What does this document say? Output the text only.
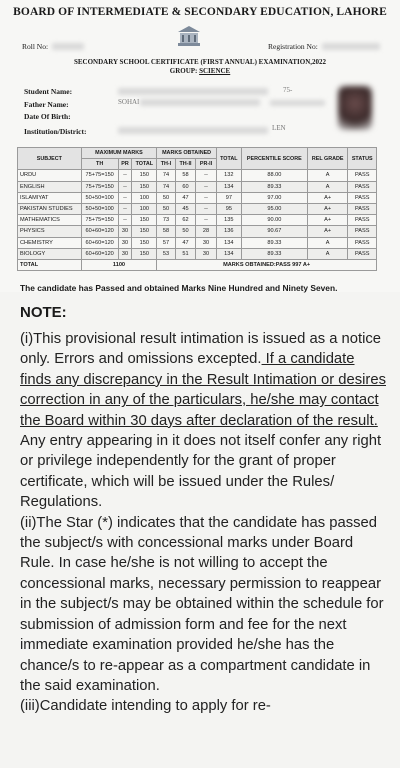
BOARD OF INTERMEDIATE & SECONDARY EDUCATION, LAHORE
Roll No:	Registration No:
SECONDARY SCHOOL CERTIFICATE (FIRST ANNUAL) EXAMINATION,2022
GROUP: SCIENCE
Student Name:	75-
Father Name:	SOHAI
Date Of Birth:
Institution/District:	LEN
SUBJECT	MAXIMUM MARKS			MARKS OBTAINED			TOTAL	PERCENTILE SCORE	REL GRADE	STATUS
	TH	PR	TOTAL	TH-I	TH-II	PR-II				
URDU	75+75=150	--	150	74	58	--	132	88.00	A	PASS
ENGLISH	75+75=150	--	150	74	60	--	134	89.33	A	PASS
ISLAMIYAT	50+50=100	--	100	50	47	--	97	97.00	A+	PASS
PAKISTAN STUDIES	50+50=100	--	100	50	45	--	95	95.00	A+	PASS
MATHEMATICS	75+75=150	--	150	73	62	--	135	90.00	A+	PASS
PHYSICS	60+60=120	30	150	58	50	28	136	90.67	A+	PASS
CHEMISTRY	60+60=120	30	150	57	47	30	134	89.33	A	PASS
BIOLOGY	60+60=120	30	150	53	51	30	134	89.33	A	PASS
TOTAL	1100			MARKS OBTAINED:PASS 997 A+						
The candidate has Passed and obtained Marks Nine Hundred and Ninety Seven.
NOTE:

(i)This provisional result intimation is issued as a notice only. Errors and omissions excepted. If a candidate finds any discrepancy in the Result Intimation or desires correction in any of the particulars, he/she may contact the Board within 30 days after declaration of the result. Any entry appearing in it does not itself confer any right or privilege independently for the grant of proper certificate, which will be issued under the Rules/ Regulations.

(ii)The Star (*) indicates that the candidate has passed the subject/s with concessional marks under Board Rule. In case he/she is not willing to accept the concessional marks, necessary permission to reappear in the subject/s may be obtained within the schedule for submission of admission form and fee for the next immediate examination provided he/she has the chance/s to re-appear as a compartment candidate in the said examination.

(iii)Candidate intending to apply for re-
